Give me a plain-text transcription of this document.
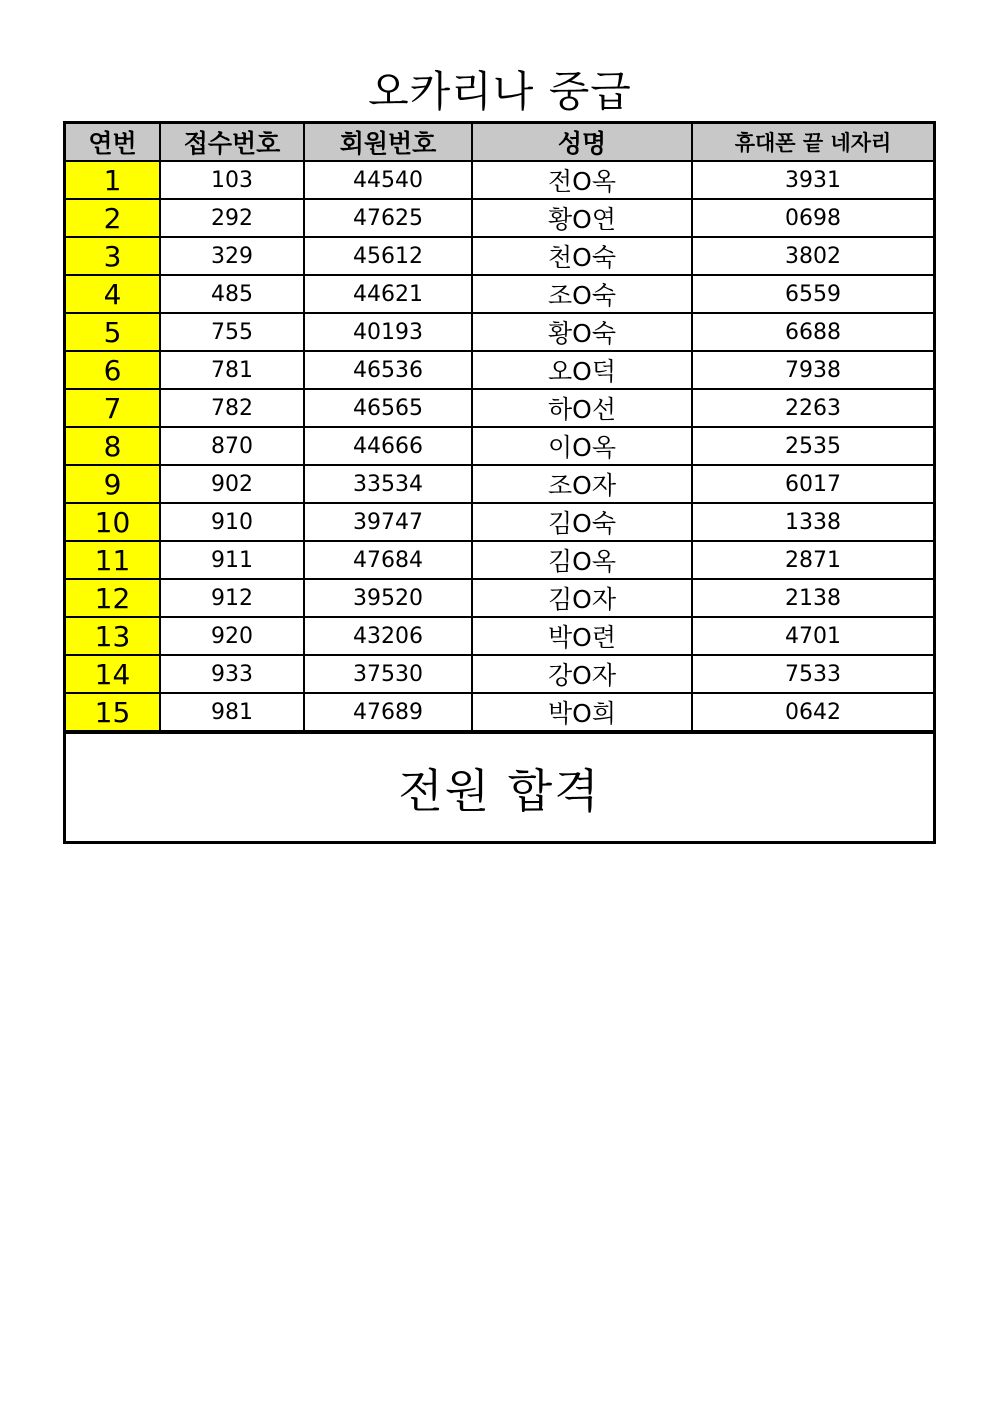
오카리나 중급
연번	접수번호	회원번호	성명	휴대폰 끝 네자리
1	103	44540	전O옥	3931
2	292	47625	황O연	0698
3	329	45612	천O숙	3802
4	485	44621	조O숙	6559
5	755	40193	황O숙	6688
6	781	46536	오O덕	7938
7	782	46565	하O선	2263
8	870	44666	이O옥	2535
9	902	33534	조O자	6017
10	910	39747	김O숙	1338
11	911	47684	김O옥	2871
12	912	39520	김O자	2138
13	920	43206	박O련	4701
14	933	37530	강O자	7533
15	981	47689	박O희	0642
전원 합격
